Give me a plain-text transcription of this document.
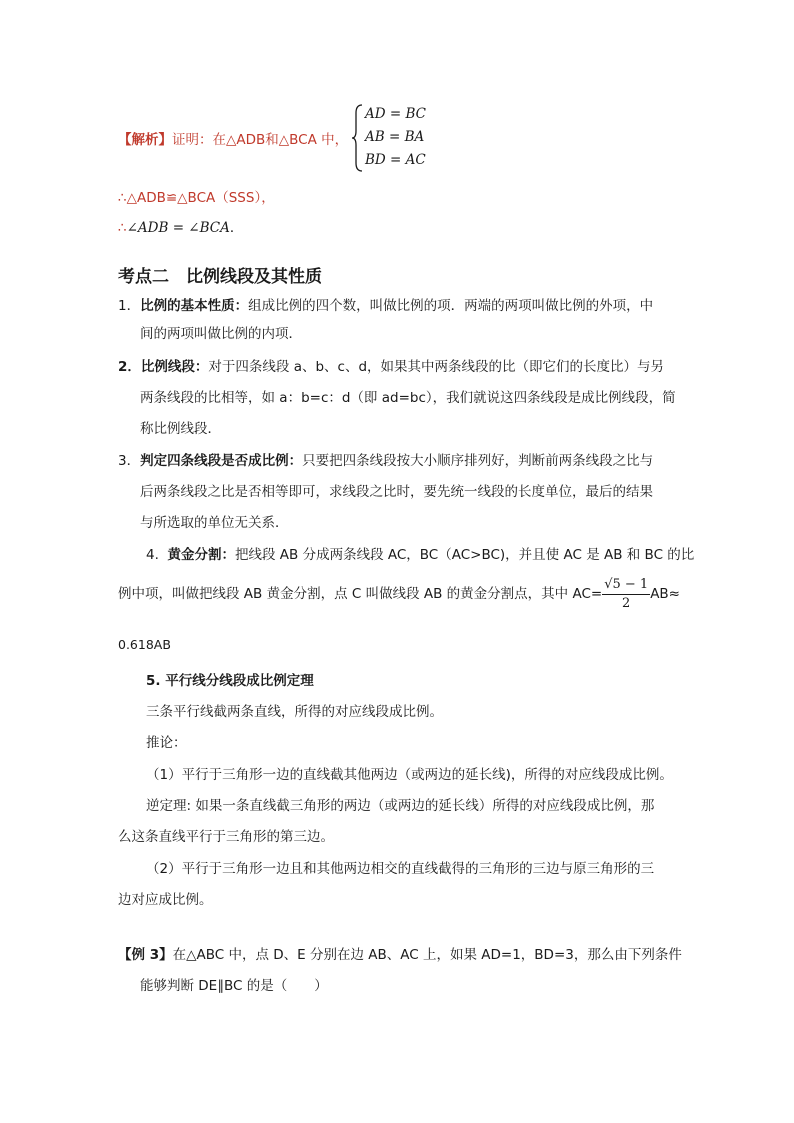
【解析】证明：在△ADB和△BCA 中，
AD = BC
AB = BA
BD = AC
∴△ADB≌△BCA（SSS），
∴∠ADB = ∠BCA．
考点二　比例线段及其性质
1．比例的基本性质：组成比例的四个数，叫做比例的项．两端的两项叫做比例的外项，中
间的两项叫做比例的内项．
2．比例线段：对于四条线段 a、b、c、d，如果其中两条线段的比（即它们的长度比）与另
两条线段的比相等，如 a：b=c：d（即 ad=bc），我们就说这四条线段是成比例线段，简
称比例线段．
3．判定四条线段是否成比例：只要把四条线段按大小顺序排列好，判断前两条线段之比与
后两条线段之比是否相等即可，求线段之比时，要先统一线段的长度单位，最后的结果
与所选取的单位无关系．
4. 黄金分割：把线段 AB 分成两条线段 AC，BC（AC>BC)，并且使 AC 是 AB 和 BC 的比
例中项，叫做把线段 AB 黄金分割，点 C 叫做线段 AB 的黄金分割点，其中 $AC= \frac{√5 - 1}{2} AB\approx$
0.618AB
5. 平行线分线段成比例定理
三条平行线截两条直线，所得的对应线段成比例。
推论：
（1）平行于三角形一边的直线截其他两边（或两边的延长线)，所得的对应线段成比例。
逆定理: 如果一条直线截三角形的两边（或两边的延长线）所得的对应线段成比例，那
么这条直线平行于三角形的第三边。
（2）平行于三角形一边且和其他两边相交的直线截得的三角形的三边与原三角形的三
边对应成比例。
【例 3】在△ABC 中，点 D、E 分别在边 AB、AC 上，如果 AD=1，BD=3，那么由下列条件
能够判断 DE∥BC 的是（　　）
